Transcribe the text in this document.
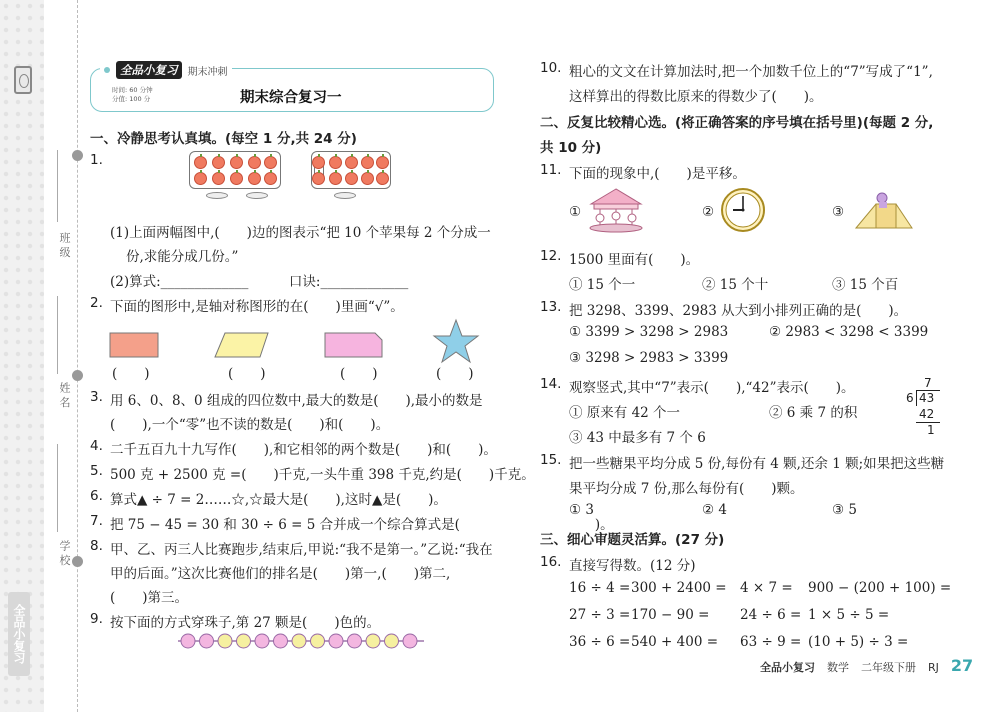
全品小复习
班 级
姓 名
学 校
全品小复习	期末冲刺
时间: 60 分钟
分值: 100 分	期末综合复习一
一、冷静思考认真填。(每空 1 分,共 24 分)
1.
(1)上面两幅图中,(　　)边的图表示“把 10 个苹果每 2 个分成一
份,求能分成几份。”
(2)算式:_____________　　　口诀:_____________
2. 下面的图形中,是轴对称图形的在(　　)里画“√”。
(　　)	(　　)	(　　)	(　　)
3. 用 6、0、8、0 组成的四位数中,最大的数是(　　),最小的数是
(　　),一个“零”也不读的数是(　　)和(　　)。
4. 二千五百九十九写作(　　),和它相邻的两个数是(　　)和(　　)。
5. 500 克 + 2500 克 =(　　)千克,一头牛重 398 千克,约是(　　)千克。
6. 算式▲ ÷ 7 = 2……☆,☆最大是(　　),这时▲是(　　)。
7. 把 75 − 45 = 30 和 30 ÷ 6 = 5 合并成一个综合算式是(　　　　　　　　　　)。
8. 甲、乙、丙三人比赛跑步,结束后,甲说:“我不是第一。”乙说:“我在
甲的后面。”这次比赛他们的排名是(　　)第一,(　　)第二,
(　　)第三。
9. 按下面的方式穿珠子,第 27 颗是(　　)色的。
10. 粗心的文文在计算加法时,把一个加数千位上的“7”写成了“1”,
这样算出的得数比原来的得数少了(　　)。
二、反复比较精心选。(将正确答案的序号填在括号里)(每题 2 分,
共 10 分)
11. 下面的现象中,(　　)是平移。
①	②	③
12. 1500 里面有(　　)。
① 15 个一	② 15 个十	③ 15 个百
13. 把 3298、3399、2983 从大到小排列正确的是(　　)。
① 3399 > 3298 > 2983	② 2983 < 3298 < 3399
③ 3298 > 2983 > 3399
14. 观察竖式,其中“7”表示(　　),“42”表示(　　)。
① 原来有 42 个一	② 6 乘 7 的积
③ 43 中最多有 7 个 6
7
6 43
42
1
15. 把一些糖果平均分成 5 份,每份有 4 颗,还余 1 颗;如果把这些糖
果平均分成 7 份,那么每份有(　　)颗。
① 3	② 4	③ 5
三、细心审题灵活算。(27 分)
16. 直接写得数。(12 分)
16 ÷ 4 = 300 + 2400 = 4 × 7 = 900 − (200 + 100) =
27 ÷ 3 = 170 − 90 = 24 ÷ 6 = 1 × 5 ÷ 5 =
36 ÷ 6 = 540 + 400 = 63 ÷ 9 = (10 + 5) ÷ 3 =
全品小复习 数学 二年级下册 RJ 27
